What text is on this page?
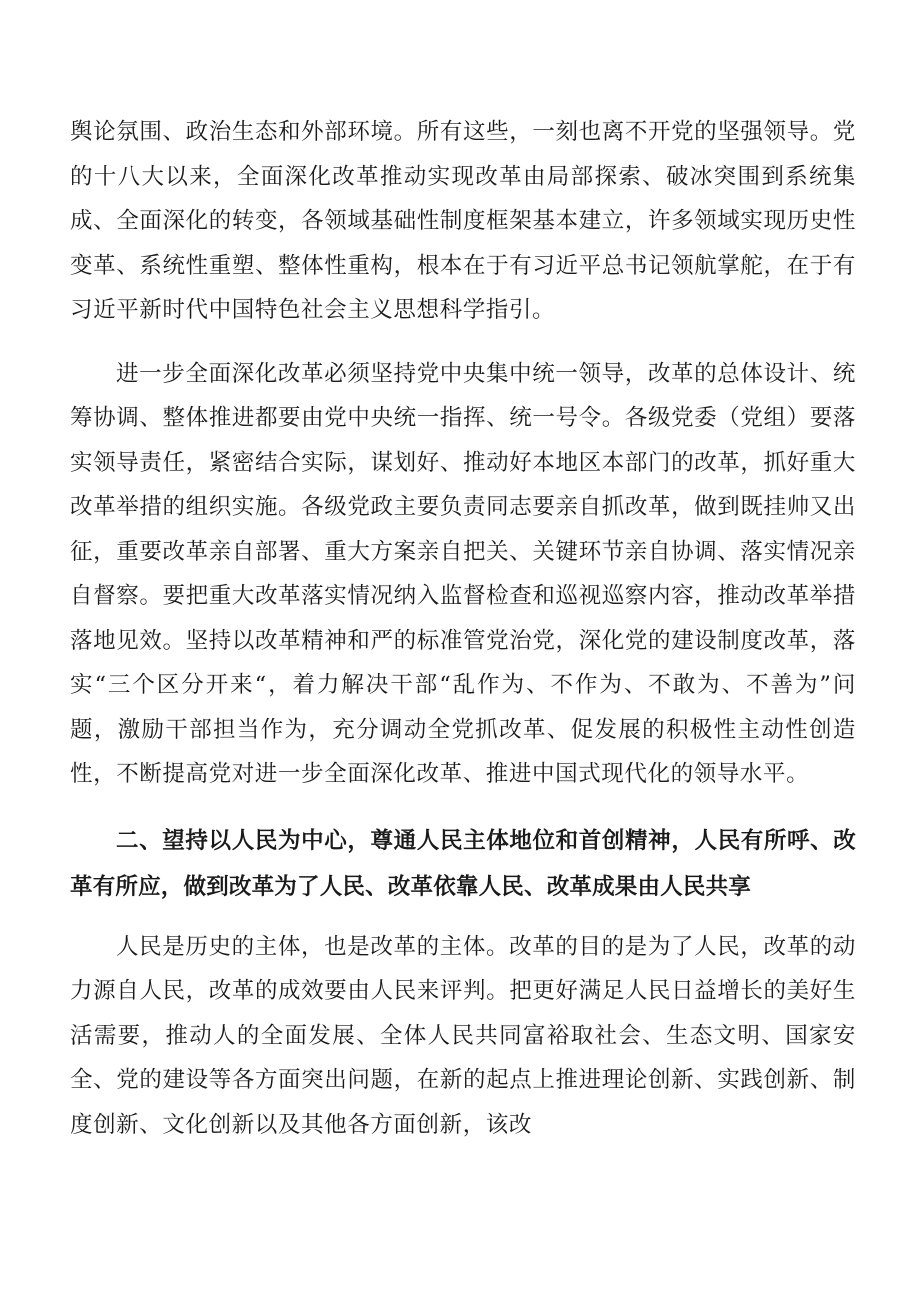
舆论氛围、政治生态和外部环境。所有这些，一刻也离不开党的坚强领导。党的十八大以来，全面深化改革推动实现改革由局部探索、破冰突围到系统集成、全面深化的转变，各领域基础性制度框架基本建立，许多领域实现历史性变革、系统性重塑、整体性重构，根本在于有习近平总书记领航掌舵，在于有习近平新时代中国特色社会主义思想科学指引。

进一步全面深化改革必须坚持党中央集中统一领导，改革的总体设计、统筹协调、整体推进都要由党中央统一指挥、统一号令。各级党委（党组）要落实领导责任，紧密结合实际，谋划好、推动好本地区本部门的改革，抓好重大改革举措的组织实施。各级党政主要负责同志要亲自抓改革，做到既挂帅又出征，重要改革亲自部署、重大方案亲自把关、关键环节亲自协调、落实情况亲自督察。要把重大改革落实情况纳入监督检查和巡视巡察内容，推动改革举措落地见效。坚持以改革精神和严的标准管党治党，深化党的建设制度改革，落实“三个区分开来“，着力解决干部“乱作为、不作为、不敢为、不善为”问题，激励干部担当作为，充分调动全党抓改革、促发展的积极性主动性创造性，不断提高党对进一步全面深化改革、推进中国式现代化的领导水平。

二、望持以人民为中心，尊通人民主体地位和首创精神，人民有所呼、改革有所应，做到改革为了人民、改革依靠人民、改革成果由人民共享

人民是历史的主体，也是改革的主体。改革的目的是为了人民，改革的动力源自人民，改革的成效要由人民来评判。把更好满足人民日益增长的美好生活需要，推动人的全面发展、全体人民共同富裕取社会、生态文明、国家安全、党的建设等各方面突出问题，在新的起点上推进理论创新、实践创新、制度创新、文化创新以及其他各方面创新，该改
